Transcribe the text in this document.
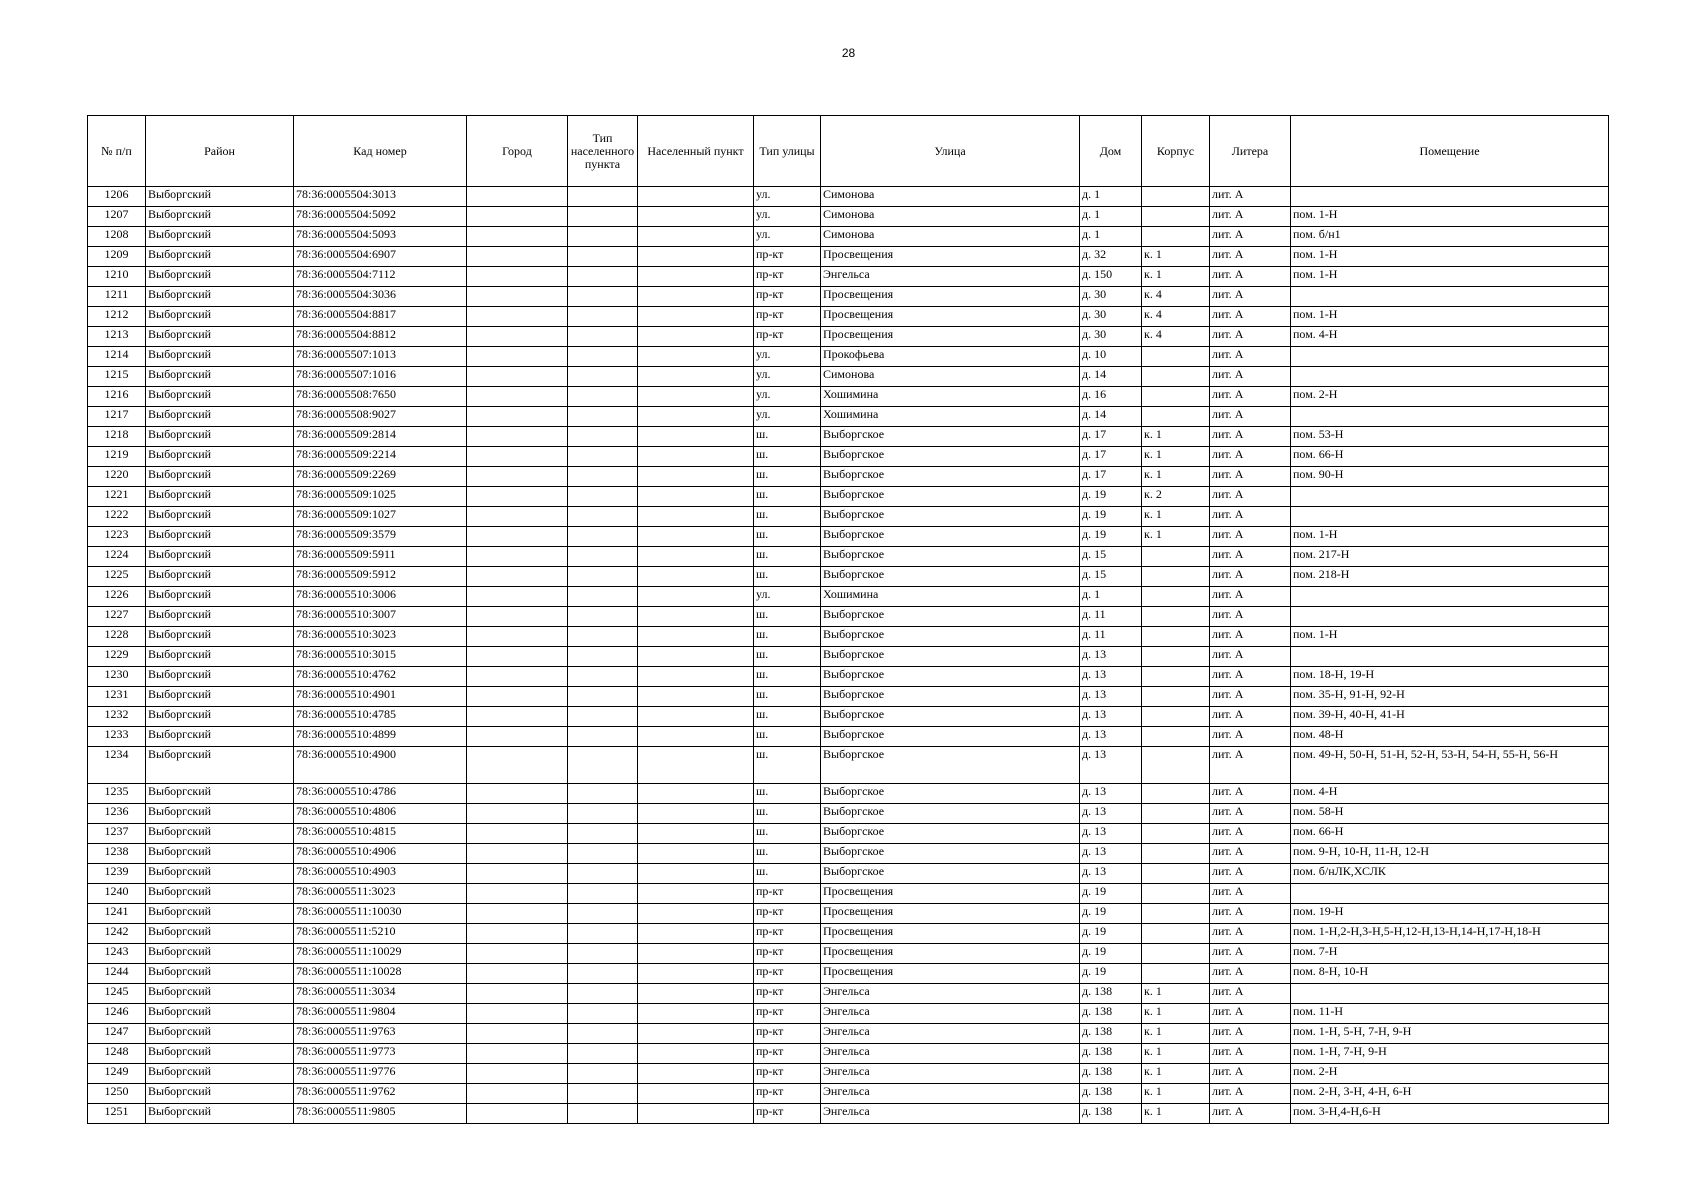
28
№ п/п	Район	Кад номер	Город	Тип населенного пункта	Населенный пункт	Тип улицы	Улица	Дом	Корпус	Литера	Помещение
1206	Выборгский	78:36:0005504:3013				ул.	Симонова	д. 1		лит. А	
1207	Выборгский	78:36:0005504:5092				ул.	Симонова	д. 1		лит. А	пом. 1-Н
1208	Выборгский	78:36:0005504:5093				ул.	Симонова	д. 1		лит. А	пом. б/н1
1209	Выборгский	78:36:0005504:6907				пр-кт	Просвещения	д. 32	к. 1	лит. А	пом. 1-Н
1210	Выборгский	78:36:0005504:7112				пр-кт	Энгельса	д. 150	к. 1	лит. А	пом. 1-Н
1211	Выборгский	78:36:0005504:3036				пр-кт	Просвещения	д. 30	к. 4	лит. А	
1212	Выборгский	78:36:0005504:8817				пр-кт	Просвещения	д. 30	к. 4	лит. А	пом. 1-Н
1213	Выборгский	78:36:0005504:8812				пр-кт	Просвещения	д. 30	к. 4	лит. А	пом. 4-Н
1214	Выборгский	78:36:0005507:1013				ул.	Прокофьева	д. 10		лит. А	
1215	Выборгский	78:36:0005507:1016				ул.	Симонова	д. 14		лит. А	
1216	Выборгский	78:36:0005508:7650				ул.	Хошимина	д. 16		лит. А	пом. 2-Н
1217	Выборгский	78:36:0005508:9027				ул.	Хошимина	д. 14		лит. А	
1218	Выборгский	78:36:0005509:2814				ш.	Выборгское	д. 17	к. 1	лит. А	пом. 53-Н
1219	Выборгский	78:36:0005509:2214				ш.	Выборгское	д. 17	к. 1	лит. А	пом. 66-Н
1220	Выборгский	78:36:0005509:2269				ш.	Выборгское	д. 17	к. 1	лит. А	пом. 90-Н
1221	Выборгский	78:36:0005509:1025				ш.	Выборгское	д. 19	к. 2	лит. А	
1222	Выборгский	78:36:0005509:1027				ш.	Выборгское	д. 19	к. 1	лит. А	
1223	Выборгский	78:36:0005509:3579				ш.	Выборгское	д. 19	к. 1	лит. А	пом. 1-Н
1224	Выборгский	78:36:0005509:5911				ш.	Выборгское	д. 15		лит. А	пом. 217-Н
1225	Выборгский	78:36:0005509:5912				ш.	Выборгское	д. 15		лит. А	пом. 218-Н
1226	Выборгский	78:36:0005510:3006				ул.	Хошимина	д. 1		лит. А	
1227	Выборгский	78:36:0005510:3007				ш.	Выборгское	д. 11		лит. А	
1228	Выборгский	78:36:0005510:3023				ш.	Выборгское	д. 11		лит. А	пом. 1-Н
1229	Выборгский	78:36:0005510:3015				ш.	Выборгское	д. 13		лит. А	
1230	Выборгский	78:36:0005510:4762				ш.	Выборгское	д. 13		лит. А	пом. 18-Н, 19-Н
1231	Выборгский	78:36:0005510:4901				ш.	Выборгское	д. 13		лит. А	пом. 35-Н, 91-Н, 92-Н
1232	Выборгский	78:36:0005510:4785				ш.	Выборгское	д. 13		лит. А	пом. 39-Н, 40-Н, 41-Н
1233	Выборгский	78:36:0005510:4899				ш.	Выборгское	д. 13		лит. А	пом. 48-Н
1234	Выборгский	78:36:0005510:4900				ш.	Выборгское	д. 13		лит. А	пом. 49-Н, 50-Н, 51-Н, 52-Н, 53-Н, 54-Н, 55-Н, 56-Н
1235	Выборгский	78:36:0005510:4786				ш.	Выборгское	д. 13		лит. А	пом. 4-Н
1236	Выборгский	78:36:0005510:4806				ш.	Выборгское	д. 13		лит. А	пом. 58-Н
1237	Выборгский	78:36:0005510:4815				ш.	Выборгское	д. 13		лит. А	пом. 66-Н
1238	Выборгский	78:36:0005510:4906				ш.	Выборгское	д. 13		лит. А	пом. 9-Н, 10-Н, 11-Н, 12-Н
1239	Выборгский	78:36:0005510:4903				ш.	Выборгское	д. 13		лит. А	пом. б/нЛК,ХСЛК
1240	Выборгский	78:36:0005511:3023				пр-кт	Просвещения	д. 19		лит. А	
1241	Выборгский	78:36:0005511:10030				пр-кт	Просвещения	д. 19		лит. А	пом. 19-Н
1242	Выборгский	78:36:0005511:5210				пр-кт	Просвещения	д. 19		лит. А	пом. 1-Н,2-Н,3-Н,5-Н,12-Н,13-Н,14-Н,17-Н,18-Н
1243	Выборгский	78:36:0005511:10029				пр-кт	Просвещения	д. 19		лит. А	пом. 7-Н
1244	Выборгский	78:36:0005511:10028				пр-кт	Просвещения	д. 19		лит. А	пом. 8-Н, 10-Н
1245	Выборгский	78:36:0005511:3034				пр-кт	Энгельса	д. 138	к. 1	лит. А	
1246	Выборгский	78:36:0005511:9804				пр-кт	Энгельса	д. 138	к. 1	лит. А	пом. 11-Н
1247	Выборгский	78:36:0005511:9763				пр-кт	Энгельса	д. 138	к. 1	лит. А	пом. 1-Н, 5-Н, 7-Н, 9-Н
1248	Выборгский	78:36:0005511:9773				пр-кт	Энгельса	д. 138	к. 1	лит. А	пом. 1-Н, 7-Н, 9-Н
1249	Выборгский	78:36:0005511:9776				пр-кт	Энгельса	д. 138	к. 1	лит. А	пом. 2-Н
1250	Выборгский	78:36:0005511:9762				пр-кт	Энгельса	д. 138	к. 1	лит. А	пом. 2-Н, 3-Н, 4-Н, 6-Н
1251	Выборгский	78:36:0005511:9805				пр-кт	Энгельса	д. 138	к. 1	лит. А	пом. 3-Н,4-Н,6-Н
